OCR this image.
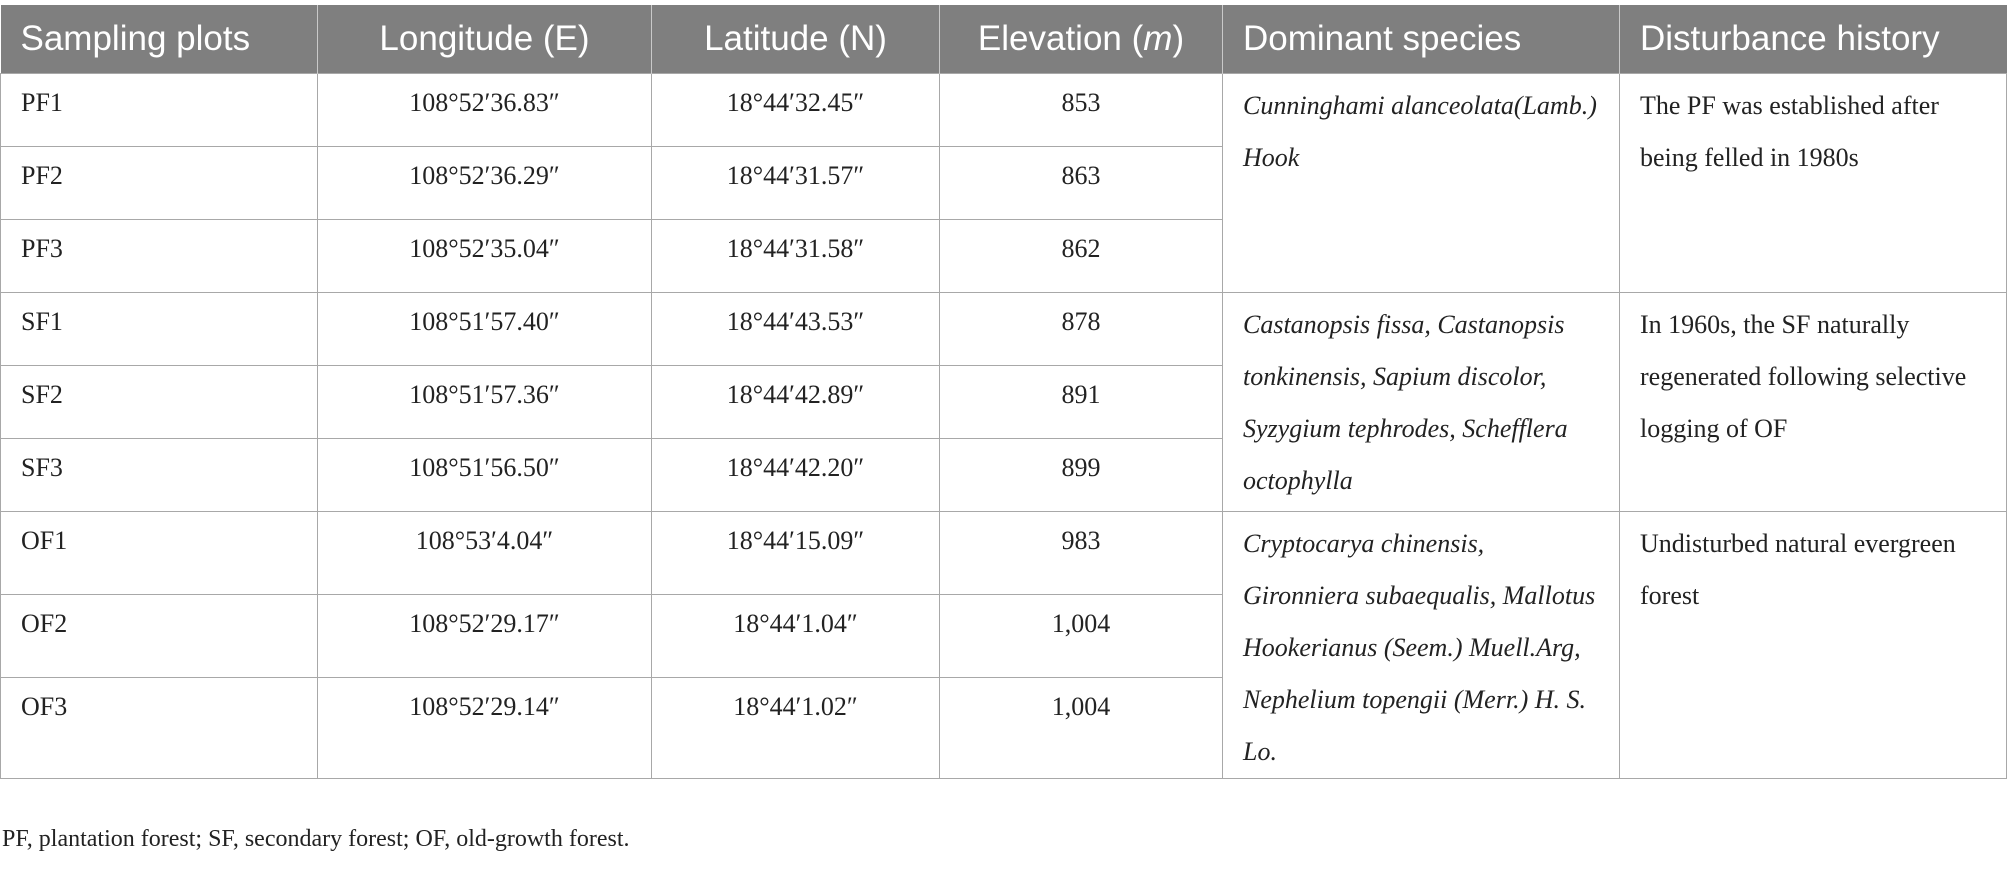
Sampling plots	Longitude (E)	Latitude (N)	Elevation (m)	Dominant species	Disturbance history
PF1	108°52′36.83″	18°44′32.45″	853	Cunninghami alanceolata(Lamb.) Hook	The PF was established after being felled in 1980s
PF2	108°52′36.29″	18°44′31.57″	863		
PF3	108°52′35.04″	18°44′31.58″	862		
SF1	108°51′57.40″	18°44′43.53″	878	Castanopsis fissa, Castanopsis tonkinensis, Sapium discolor, Syzygium tephrodes, Schefflera octophylla	In 1960s, the SF naturally regenerated following selective logging of OF
SF2	108°51′57.36″	18°44′42.89″	891		
SF3	108°51′56.50″	18°44′42.20″	899		
OF1	108°53′4.04″	18°44′15.09″	983	Cryptocarya chinensis, Gironniera subaequalis, Mallotus Hookerianus (Seem.) Muell.Arg, Nephelium topengii (Merr.) H. S. Lo.	Undisturbed natural evergreen forest
OF2	108°52′29.17″	18°44′1.04″	1,004		
OF3	108°52′29.14″	18°44′1.02″	1,004		
PF, plantation forest; SF, secondary forest; OF, old-growth forest.
